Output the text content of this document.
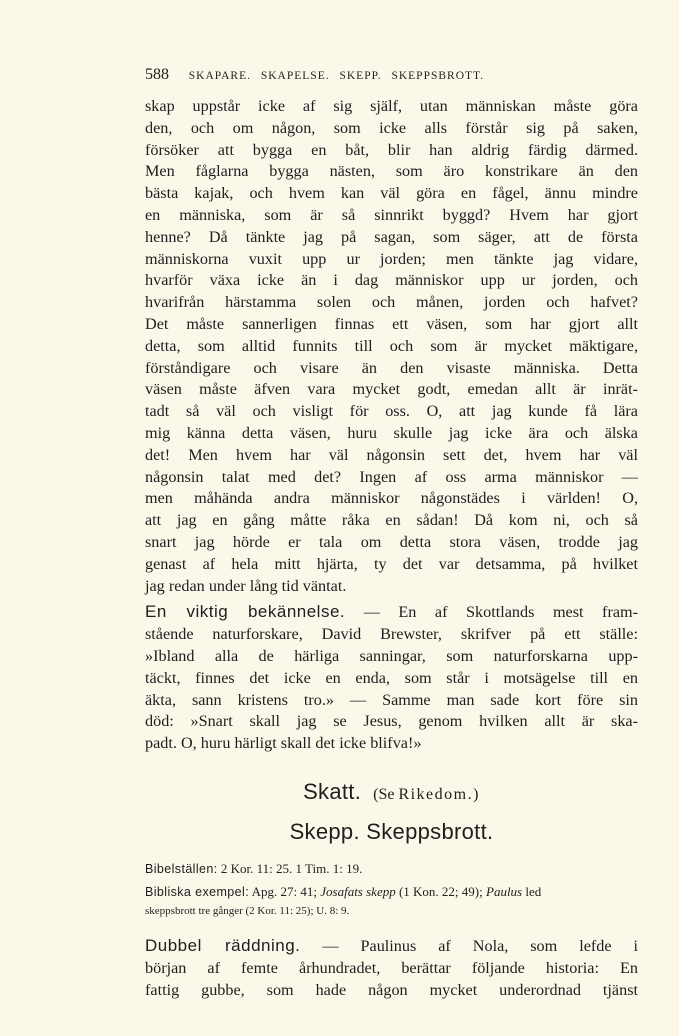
588 SKAPARE. SKAPELSE. SKEPP. SKEPPSBROTT.

skap uppstår icke af sig själf, utan människan måste göra

den, och om någon, som icke alls förstår sig på saken,

försöker att bygga en båt, blir han aldrig färdig därmed.

Men fåglarna bygga nästen, som äro konstrikare än den

bästa kajak, och hvem kan väl göra en fågel, ännu mindre

en människa, som är så sinnrikt byggd? Hvem har gjort

henne? Då tänkte jag på sagan, som säger, att de första

människorna vuxit upp ur jorden; men tänkte jag vidare,

hvarför växa icke än i dag människor upp ur jorden, och

hvarifrån härstamma solen och månen, jorden och hafvet?

Det måste sannerligen finnas ett väsen, som har gjort allt

detta, som alltid funnits till och som är mycket mäktigare,

förståndigare och visare än den visaste människa. Detta

väsen måste äfven vara mycket godt, emedan allt är inrät-

tadt så väl och visligt för oss. O, att jag kunde få lära

mig känna detta väsen, huru skulle jag icke ära och älska

det! Men hvem har väl någonsin sett det, hvem har väl

någonsin talat med det? Ingen af oss arma människor —

men måhända andra människor någonstädes i världen! O,

att jag en gång måtte råka en sådan! Då kom ni, och så

snart jag hörde er tala om detta stora väsen, trodde jag

genast af hela mitt hjärta, ty det var detsamma, på hvilket

jag redan under lång tid väntat.

En viktig bekännelse. — En af Skottlands mest fram-

stående naturforskare, David Brewster, skrifver på ett ställe:

»Ibland alla de härliga sanningar, som naturforskarna upp-

täckt, finnes det icke en enda, som står i motsägelse till en

äkta, sann kristens tro.» — Samme man sade kort före sin

död: »Snart skall jag se Jesus, genom hvilken allt är ska-

padt. O, huru härligt skall det icke blifva!»

Skatt. (Se Rikedom.)
Skepp. Skeppsbrott.

Bibelställen: 2 Kor. 11: 25. 1 Tim. 1: 19.

Bibliska exempel: Apg. 27: 41; Josafats skepp (1 Kon. 22; 49); Paulus led

skeppsbrott tre gånger (2 Kor. 11: 25); U. 8: 9.

Dubbel räddning. — Paulinus af Nola, som lefde i

början af femte århundradet, berättar följande historia: En

fattig gubbe, som hade någon mycket underordnad tjänst
